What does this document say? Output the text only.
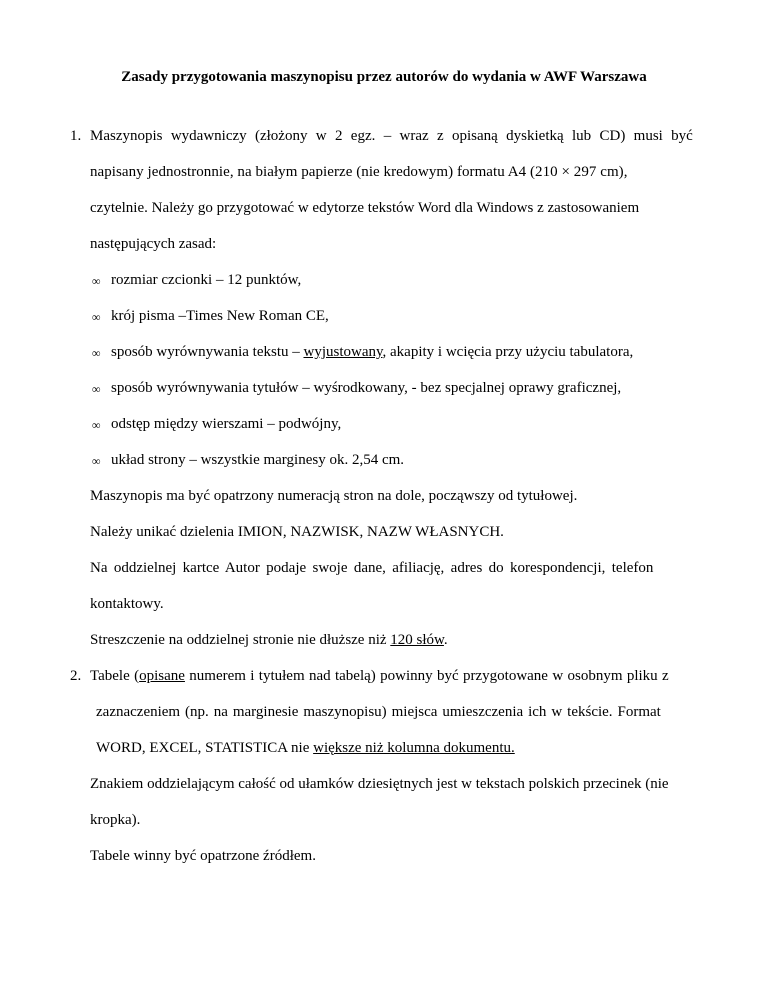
Zasady przygotowania maszynopisu przez autorów do wydania w AWF Warszawa
1. Maszynopis wydawniczy (złożony w 2 egz. – wraz z opisaną dyskietką lub CD) musi być
napisany jednostronnie, na białym papierze (nie kredowym) formatu A4 (210 × 297 cm),
czytelnie. Należy go przygotować w edytorze tekstów Word dla Windows z zastosowaniem
następujących zasad:
∞ rozmiar czcionki – 12 punktów,
∞ krój pisma –Times New Roman CE,
∞ sposób wyrównywania tekstu – wyjustowany, akapity i wcięcia przy użyciu tabulatora,
∞ sposób wyrównywania tytułów – wyśrodkowany, - bez specjalnej oprawy graficznej,
∞ odstęp między wierszami – podwójny,
∞ układ strony – wszystkie marginesy ok. 2,54 cm.
Maszynopis ma być opatrzony numeracją stron na dole, począwszy od tytułowej.
Należy unikać dzielenia IMION, NAZWISK, NAZW WŁASNYCH.
Na oddzielnej kartce Autor podaje swoje dane, afiliację, adres do korespondencji, telefon
kontaktowy.
Streszczenie na oddzielnej stronie nie dłuższe niż 120 słów.
2. Tabele (opisane numerem i tytułem nad tabelą) powinny być przygotowane w osobnym pliku z
zaznaczeniem (np. na marginesie maszynopisu) miejsca umieszczenia ich w tekście. Format
WORD, EXCEL, STATISTICA nie większe niż kolumna dokumentu.
Znakiem oddzielającym całość od ułamków dziesiętnych jest w tekstach polskich przecinek (nie
kropka).
Tabele winny być opatrzone źródłem.
